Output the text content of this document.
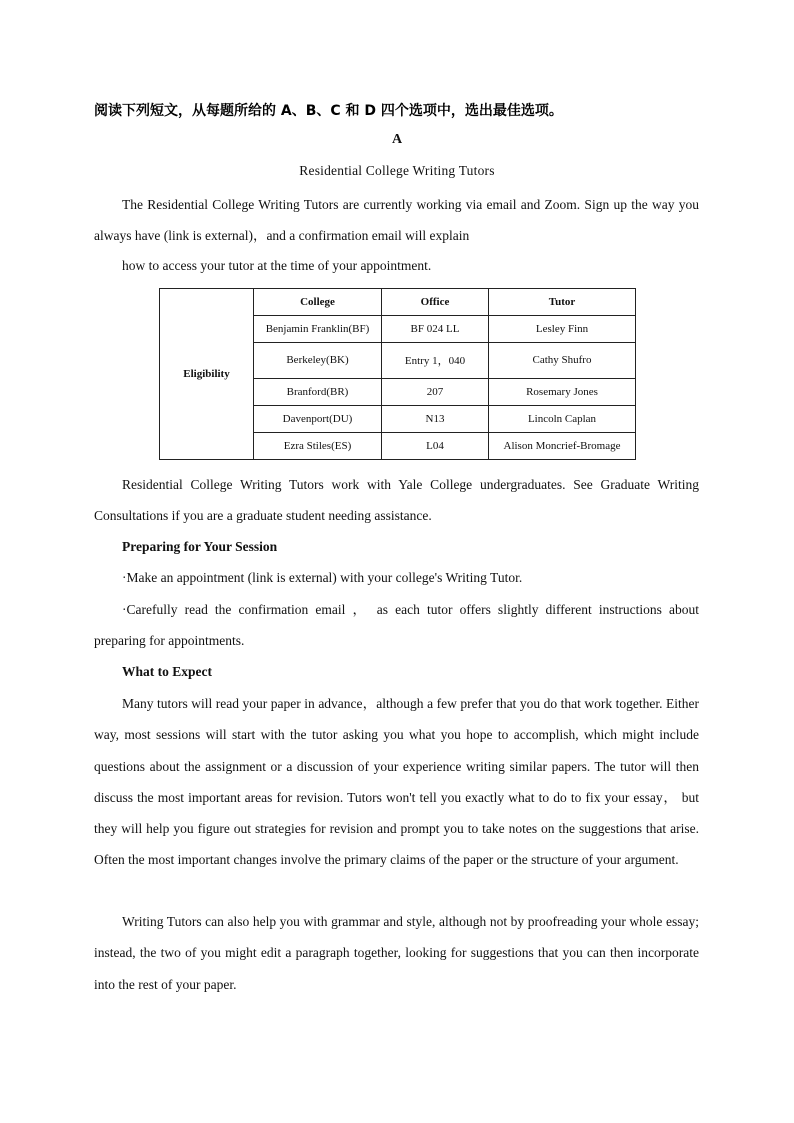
阅读下列短文，从每题所给的 A、B、C 和 D 四个选项中，选出最佳选项。
A
Residential College Writing Tutors
The Residential College Writing Tutors are currently working via email and Zoom. Sign up the way you always have (link is external)，and a confirmation email will explain
how to access your tutor at the time of your appointment.
Eligibility	College	Office	Tutor
	Benjamin Franklin(BF)	BF 024 LL	Lesley Finn
	Berkeley(BK)	Entry 1，040	Cathy Shufro
	Branford(BR)	207	Rosemary Jones
	Davenport(DU)	N13	Lincoln Caplan
	Ezra Stiles(ES)	L04	Alison Moncrief-Bromage
Residential College Writing Tutors work with Yale College undergraduates. See Graduate Writing Consultations if you are a graduate student needing assistance.
Preparing for Your Session
·Make an appointment (link is external) with your college's Writing Tutor.
·Carefully read the confirmation email ， as each tutor offers slightly different instructions about preparing for appointments.
What to Expect
Many tutors will read your paper in advance，although a few prefer that you do that work together. Either way, most sessions will start with the tutor asking you what you hope to accomplish, which might include questions about the assignment or a discussion of your experience writing similar papers. The tutor will then discuss the most important areas for revision. Tutors won't tell you exactly what to do to fix your essay， but they will help you figure out strategies for revision and prompt you to take notes on the suggestions that arise. Often the most important changes involve the primary claims of the paper or the structure of your argument.
Writing Tutors can also help you with grammar and style, although not by proofreading your whole essay; instead, the two of you might edit a paragraph together, looking for suggestions that you can then incorporate into the rest of your paper.
